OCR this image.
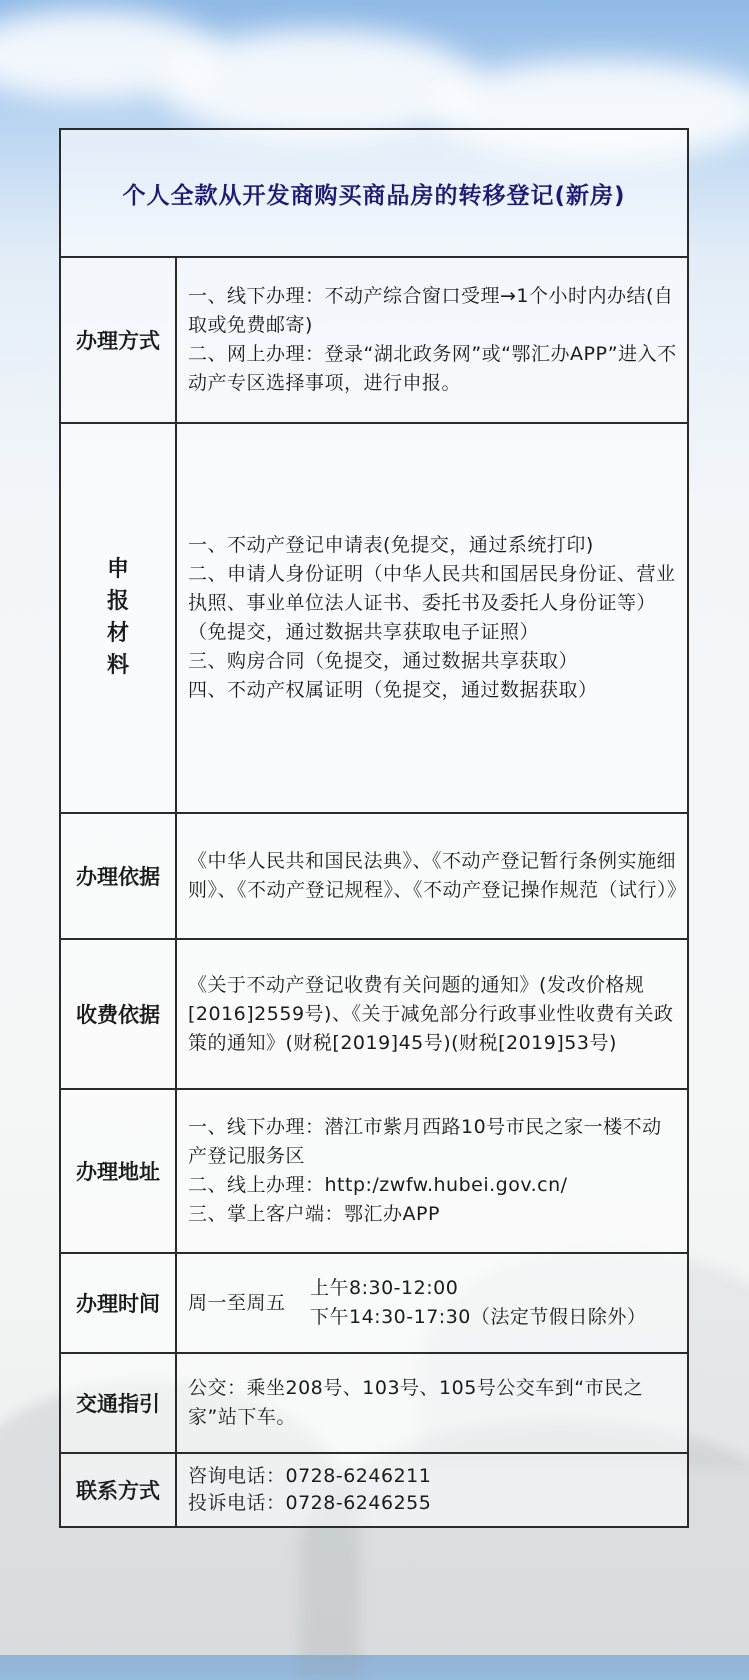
个人全款从开发商购买商品房的转移登记(新房)	
办理方式	一、线下办理：不动产综合窗口受理→1个小时内办结(自取或免费邮寄)
二、网上办理：登录“湖北政务网”或“鄂汇办APP”进入不动产专区选择事项，进行申报。

申报材料	一、不动产登记申请表(免提交，通过系统打印)
二、申请人身份证明（中华人民共和国居民身份证、营业执照、事业单位法人证书、委托书及委托人身份证等）（免提交，通过数据共享获取电子证照）
三、购房合同（免提交，通过数据共享获取）
四、不动产权属证明（免提交，通过数据获取）

办理依据	《中华人民共和国民法典》、《不动产登记暂行条例实施细则》、《不动产登记规程》、《不动产登记操作规范（试行）》

收费依据	《关于不动产登记收费有关问题的通知》(发改价格规[2016]2559号)、《关于减免部分行政事业性收费有关政策的通知》(财税[2019]45号)(财税[2019]53号)

办理地址	一、线下办理：潜江市紫月西路10号市民之家一楼不动产登记服务区
二、线上办理：http:/zwfw.hubei.gov.cn/
三、掌上客户端：鄂汇办APP

办理时间	周一至周五
上午8:30-12:00
下午14:30-17:30（法定节假日除外）

交通指引	公交：乘坐208号、103号、105号公交车到“市民之家”站下车。

联系方式	咨询电话：0728-6246211
投诉电话：0728-6246255
